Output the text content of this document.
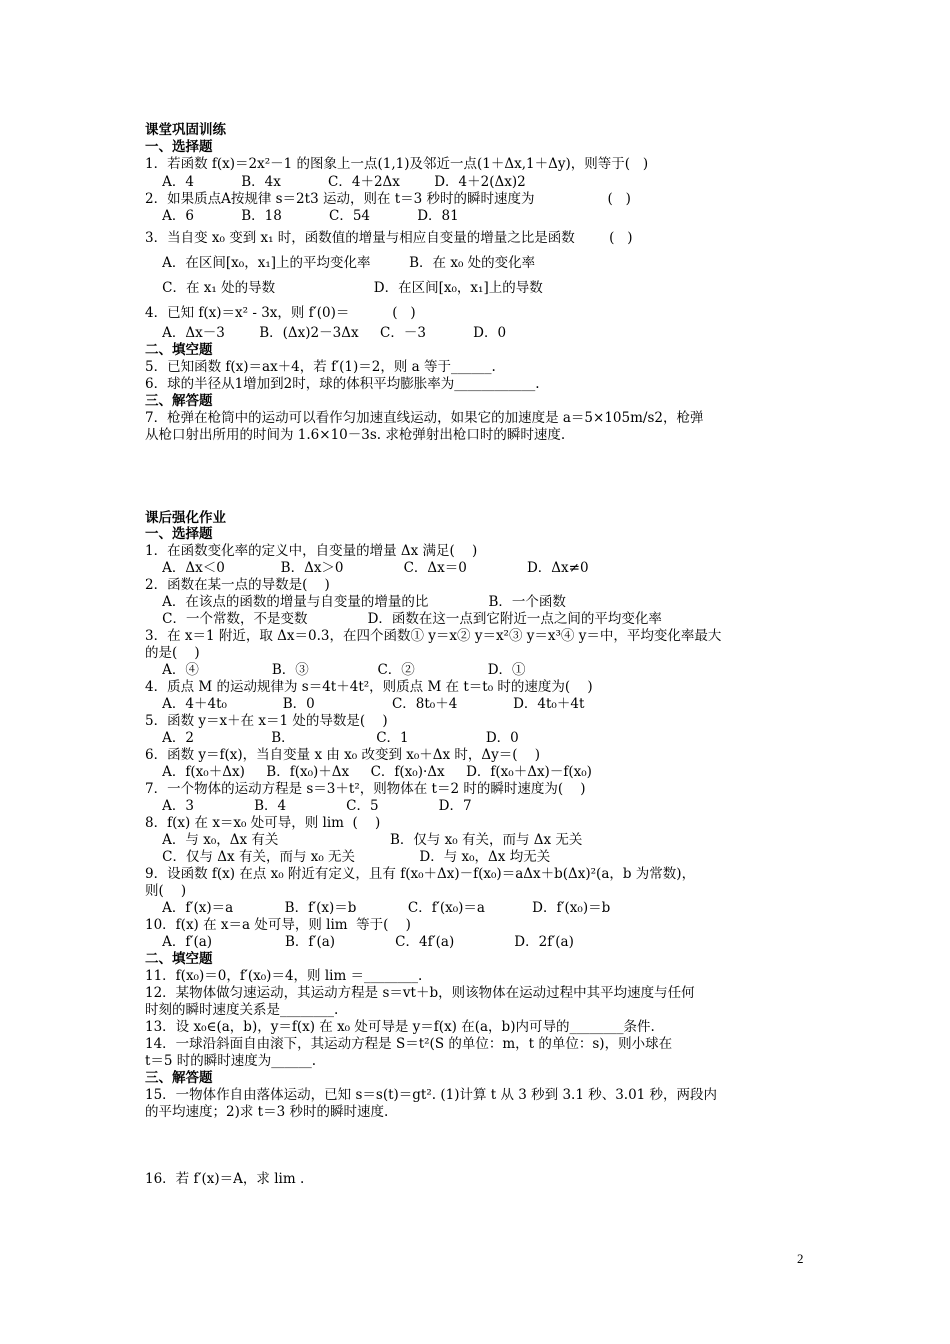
课堂巩固训练
一、选择题
1．若函数 f(x)＝2x²－1 的图象上一点(1,1)及邻近一点(1＋Δx,1＋Δy)，则等于(   )
A．4           B．4x           C．4＋2Δx        D．4＋2(Δx)2
2．如果质点A按规律 s＝2t3 运动，则在 t＝3 秒时的瞬时速度为                 (   )
A．6           B．18           C．54           D．81
3．当自变 x₀ 变到 x₁ 时，函数值的增量与相应自变量的增量之比是函数        (   )
A．在区间[x₀，x₁]上的平均变化率         B．在 x₀ 处的变化率
C．在 x₁ 处的导数                       D．在区间[x₀，x₁]上的导数
4．已知 f(x)＝x² - 3x，则 f′(0)＝          (   )
A．Δx－3        B．(Δx)2－3Δx     C．－3           D．0
二、填空题
5．已知函数 f(x)＝ax＋4，若 f′(1)＝2，则 a 等于______.
6．球的半径从1增加到2时，球的体积平均膨胀率为____________.
三、解答题
7．枪弹在枪筒中的运动可以看作匀加速直线运动，如果它的加速度是 a＝5×105m/s2，枪弹
从枪口射出所用的时间为 1.6×10－3s. 求枪弹射出枪口时的瞬时速度.
课后强化作业
一、选择题
1．在函数变化率的定义中，自变量的增量 Δx 满足(    )
A．Δx＜0             B．Δx＞0              C．Δx＝0              D．Δx≠0
2．函数在某一点的导数是(    )
A．在该点的函数的增量与自变量的增量的比              B．一个函数
C．一个常数，不是变数              D．函数在这一点到它附近一点之间的平均变化率
3．在 x＝1 附近，取 Δx＝0.3，在四个函数① y＝x② y＝x²③ y＝x³④ y＝中，平均变化率最大
的是(    )
A．④                 B．③                C．②                 D．①
4．质点 M 的运动规律为 s＝4t＋4t²，则质点 M 在 t＝t₀ 时的速度为(    )
A．4＋4t₀             B．0                  C．8t₀＋4             D．4t₀＋4t
5．函数 y＝x＋在 x＝1 处的导数是(    )
A．2                  B．                   C．1                  D．0
6．函数 y＝f(x)，当自变量 x 由 x₀ 改变到 x₀＋Δx 时，Δy＝(    )
A．f(x₀＋Δx)     B．f(x₀)＋Δx     C．f(x₀)·Δx     D．f(x₀＋Δx)－f(x₀)
7．一个物体的运动方程是 s＝3＋t²，则物体在 t＝2 时的瞬时速度为(    )
A．3              B．4              C．5              D．7
8．f(x) 在 x＝x₀ 处可导，则 lim  (    )
A．与 x₀，Δx 有关                          B．仅与 x₀ 有关，而与 Δx 无关
C．仅与 Δx 有关，而与 x₀ 无关               D．与 x₀，Δx 均无关
9．设函数 f(x) 在点 x₀ 附近有定义，且有 f(x₀＋Δx)－f(x₀)＝aΔx＋b(Δx)²(a，b 为常数)，
则(    )
A．f′(x)＝a            B．f′(x)＝b            C．f′(x₀)＝a           D．f′(x₀)＝b
10．f(x) 在 x＝a 处可导，则 lim  等于(    )
A．f′(a)                 B．f′(a)              C．4f′(a)              D．2f′(a)
二、填空题
11．f(x₀)＝0，f′(x₀)＝4，则 lim ＝________.
12．某物体做匀速运动，其运动方程是 s＝vt＋b，则该物体在运动过程中其平均速度与任何
时刻的瞬时速度关系是________.
13．设 x₀∈(a，b)，y＝f(x) 在 x₀ 处可导是 y＝f(x) 在(a，b)内可导的________条件.
14．一球沿斜面自由滚下，其运动方程是 S＝t²(S 的单位：m，t 的单位：s)，则小球在
t＝5 时的瞬时速度为______.
三、解答题
15．一物体作自由落体运动，已知 s＝s(t)＝gt². (1)计算 t 从 3 秒到 3.1 秒、3.01 秒，两段内
的平均速度；2)求 t＝3 秒时的瞬时速度.
16．若 f′(x)＝A，求 lim .
2
